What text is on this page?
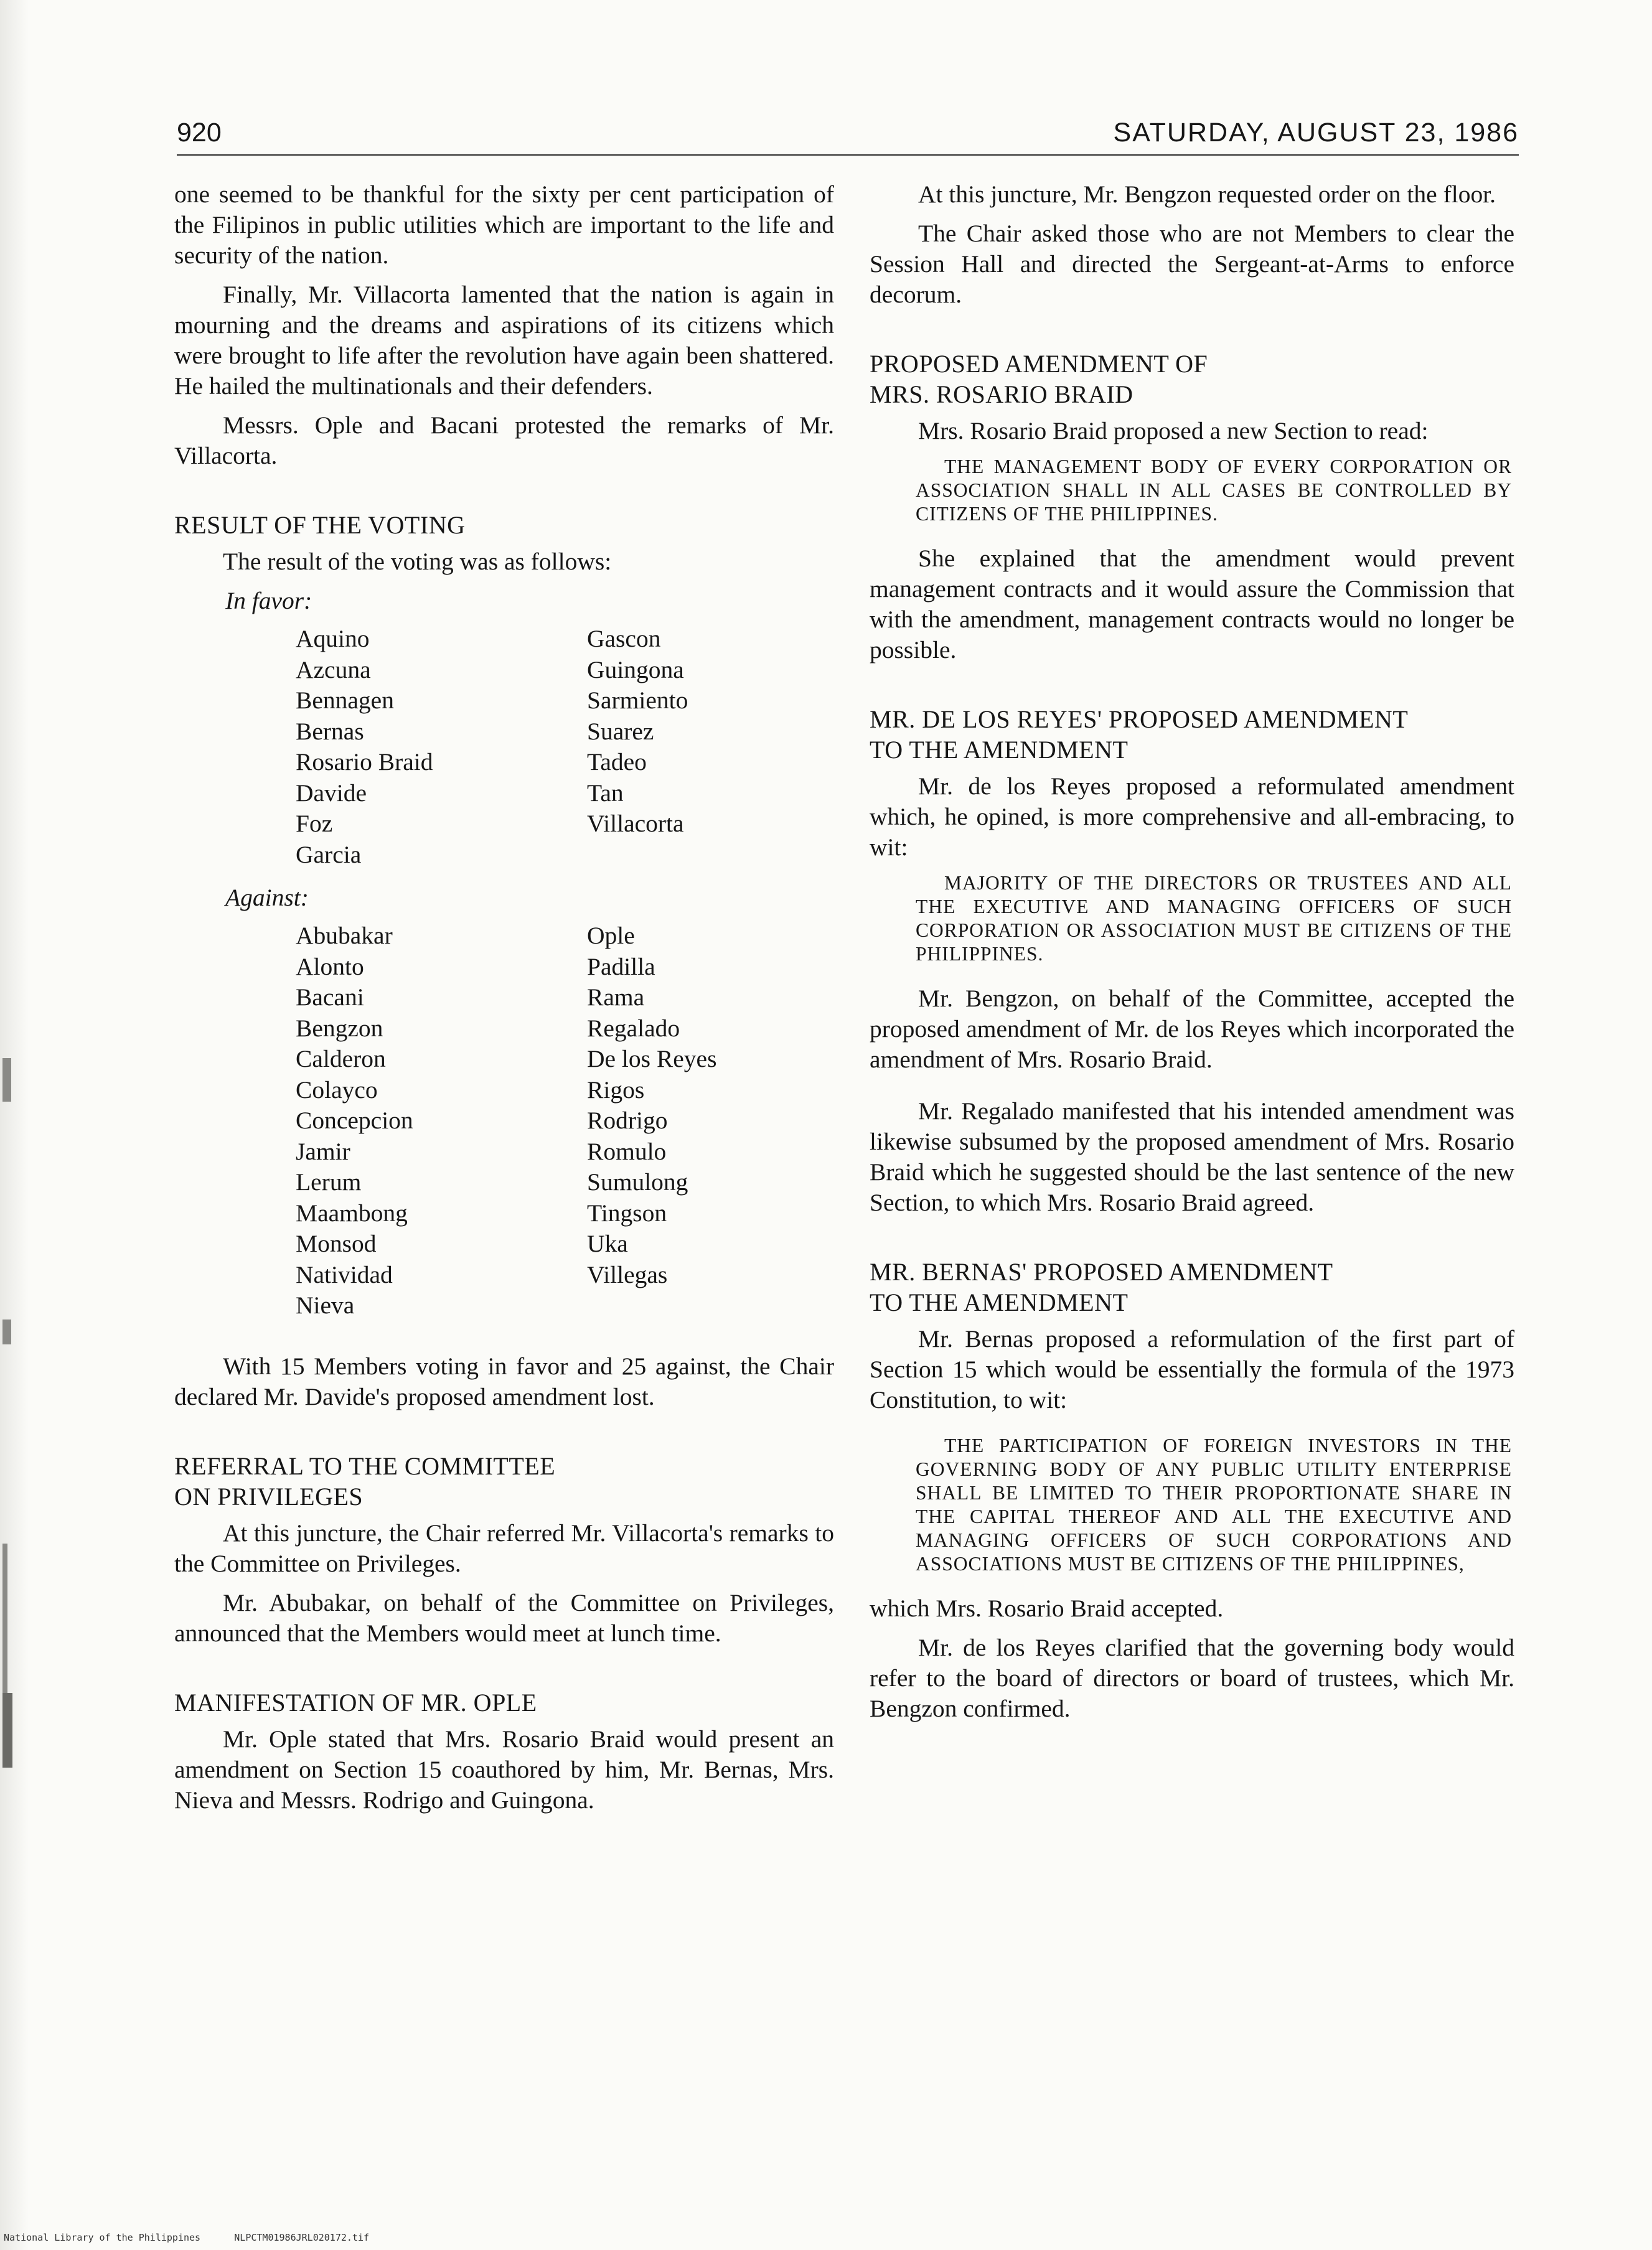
920	SATURDAY, AUGUST 23, 1986

one seemed to be thankful for the sixty per cent participation of the Filipinos in public utilities which are important to the life and security of the nation.

Finally, Mr. Villacorta lamented that the nation is again in mourning and the dreams and aspirations of its citizens which were brought to life after the revolution have again been shattered. He hailed the multinationals and their defenders.

Messrs. Ople and Bacani protested the remarks of Mr. Villacorta.

RESULT OF THE VOTING

The result of the voting was as follows:

In favor:
Aquino
Azcuna
Bennagen
Bernas
Rosario Braid
Davide
Foz
Garcia
Gascon
Guingona
Sarmiento
Suarez
Tadeo
Tan
Villacorta
Against:
Abubakar
Alonto
Bacani
Bengzon
Calderon
Colayco
Concepcion
Jamir
Lerum
Maambong
Monsod
Natividad
Nieva
Ople
Padilla
Rama
Regalado
De los Reyes
Rigos
Rodrigo
Romulo
Sumulong
Tingson
Uka
Villegas

With 15 Members voting in favor and 25 against, the Chair declared Mr. Davide's proposed amendment lost.

REFERRAL TO THE COMMITTEE
ON PRIVILEGES

At this juncture, the Chair referred Mr. Villacorta's remarks to the Committee on Privileges.

Mr. Abubakar, on behalf of the Committee on Privileges, announced that the Members would meet at lunch time.

MANIFESTATION OF MR. OPLE

Mr. Ople stated that Mrs. Rosario Braid would present an amendment on Section 15 coauthored by him, Mr. Bernas, Mrs. Nieva and Messrs. Rodrigo and Guingona.

At this juncture, Mr. Bengzon requested order on the floor.

The Chair asked those who are not Members to clear the Session Hall and directed the Sergeant-at-Arms to enforce decorum.

PROPOSED AMENDMENT OF
MRS. ROSARIO BRAID

Mrs. Rosario Braid proposed a new Section to read:

THE MANAGEMENT BODY OF EVERY CORPORATION OR ASSOCIATION SHALL IN ALL CASES BE CONTROLLED BY CITIZENS OF THE PHILIPPINES.

She explained that the amendment would prevent management contracts and it would assure the Commission that with the amendment, management contracts would no longer be possible.

MR. DE LOS REYES' PROPOSED AMENDMENT
TO THE AMENDMENT

Mr. de los Reyes proposed a reformulated amendment which, he opined, is more comprehensive and all-embracing, to wit:

MAJORITY OF THE DIRECTORS OR TRUSTEES AND ALL THE EXECUTIVE AND MANAGING OFFICERS OF SUCH CORPORATION OR ASSOCIATION MUST BE CITIZENS OF THE PHILIPPINES.

Mr. Bengzon, on behalf of the Committee, accepted the proposed amendment of Mr. de los Reyes which incorporated the amendment of Mrs. Rosario Braid.

Mr. Regalado manifested that his intended amendment was likewise subsumed by the proposed amendment of Mrs. Rosario Braid which he suggested should be the last sentence of the new Section, to which Mrs. Rosario Braid agreed.

MR. BERNAS' PROPOSED AMENDMENT
TO THE AMENDMENT

Mr. Bernas proposed a reformulation of the first part of Section 15 which would be essentially the formula of the 1973 Constitution, to wit:

THE PARTICIPATION OF FOREIGN INVESTORS IN THE GOVERNING BODY OF ANY PUBLIC UTILITY ENTERPRISE SHALL BE LIMITED TO THEIR PROPORTIONATE SHARE IN THE CAPITAL THEREOF AND ALL THE EXECUTIVE AND MANAGING OFFICERS OF SUCH CORPORATIONS AND ASSOCIATIONS MUST BE CITIZENS OF THE PHILIPPINES,

which Mrs. Rosario Braid accepted.

Mr. de los Reyes clarified that the governing body would refer to the board of directors or board of trustees, which Mr. Bengzon confirmed.

National Library of the Philippines	NLPCTM01986JRL020172.tif
